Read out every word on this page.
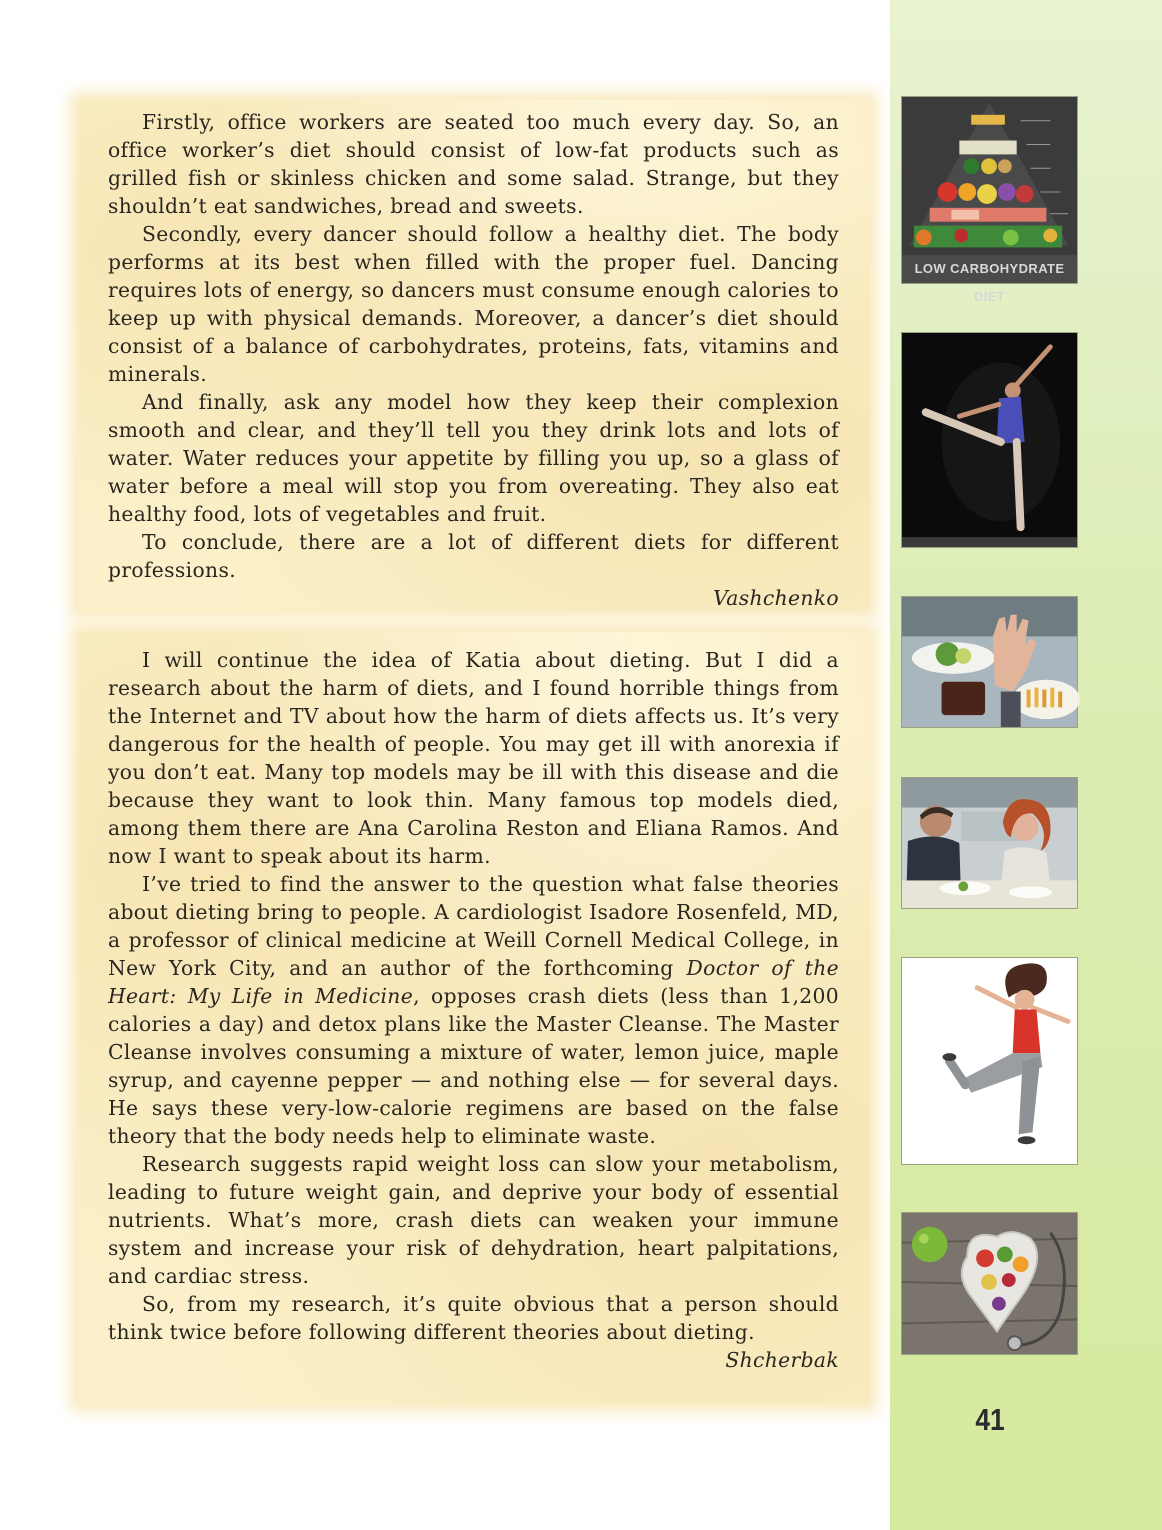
Firstly, office workers are seated too much every day. So, an office worker’s diet should consist of low-fat products such as grilled fish or skinless chicken and some salad. Strange, but they shouldn’t eat sandwiches, bread and sweets.

Secondly, every dancer should follow a healthy diet. The body performs at its best when filled with the proper fuel. Dancing requires lots of energy, so dancers must consume enough calories to keep up with physical demands. Moreover, a dancer’s diet should consist of a balance of carbohydrates, proteins, fats, vitamins and minerals.

And finally, ask any model how they keep their complexion smooth and clear, and they’ll tell you they drink lots and lots of water. Water reduces your appetite by filling you up, so a glass of water before a meal will stop you from overeating. They also eat healthy food, lots of vegetables and fruit.

To conclude, there are a lot of different diets for different professions.

Vashchenko

I will continue the idea of Katia about dieting. But I did a research about the harm of diets, and I found horrible things from the Internet and TV about how the harm of diets affects us. It’s very dangerous for the health of people. You may get ill with anorexia if you don’t eat. Many top models may be ill with this disease and die because they want to look thin. Many famous top models died, among them there are Ana Carolina Reston and Eliana Ramos. And now I want to speak about its harm.

I’ve tried to find the answer to the question what false theories about dieting bring to people. A cardiologist Isadore Rosenfeld, MD, a professor of clinical medicine at Weill Cornell Medical College, in New York City, and an author of the forthcoming Doctor of the Heart: My Life in Medicine, opposes crash diets (less than 1,200 calories a day) and detox plans like the Master Cleanse. The Master Cleanse involves consuming a mixture of water, lemon juice, maple syrup, and cayenne pepper — and nothing else — for several days. He says these very-low-calorie regimens are based on the false theory that the body needs help to eliminate waste.

Research suggests rapid weight loss can slow your metabolism, leading to future weight gain, and deprive your body of essential nutrients. What’s more, crash diets can weaken your immune system and increase your risk of dehydration, heart palpitations, and cardiac stress.

So, from my research, it’s quite obvious that a person should think twice before following different theories about dieting.

Shcherbak

LOW CARBOHYDRATE DIET
41
